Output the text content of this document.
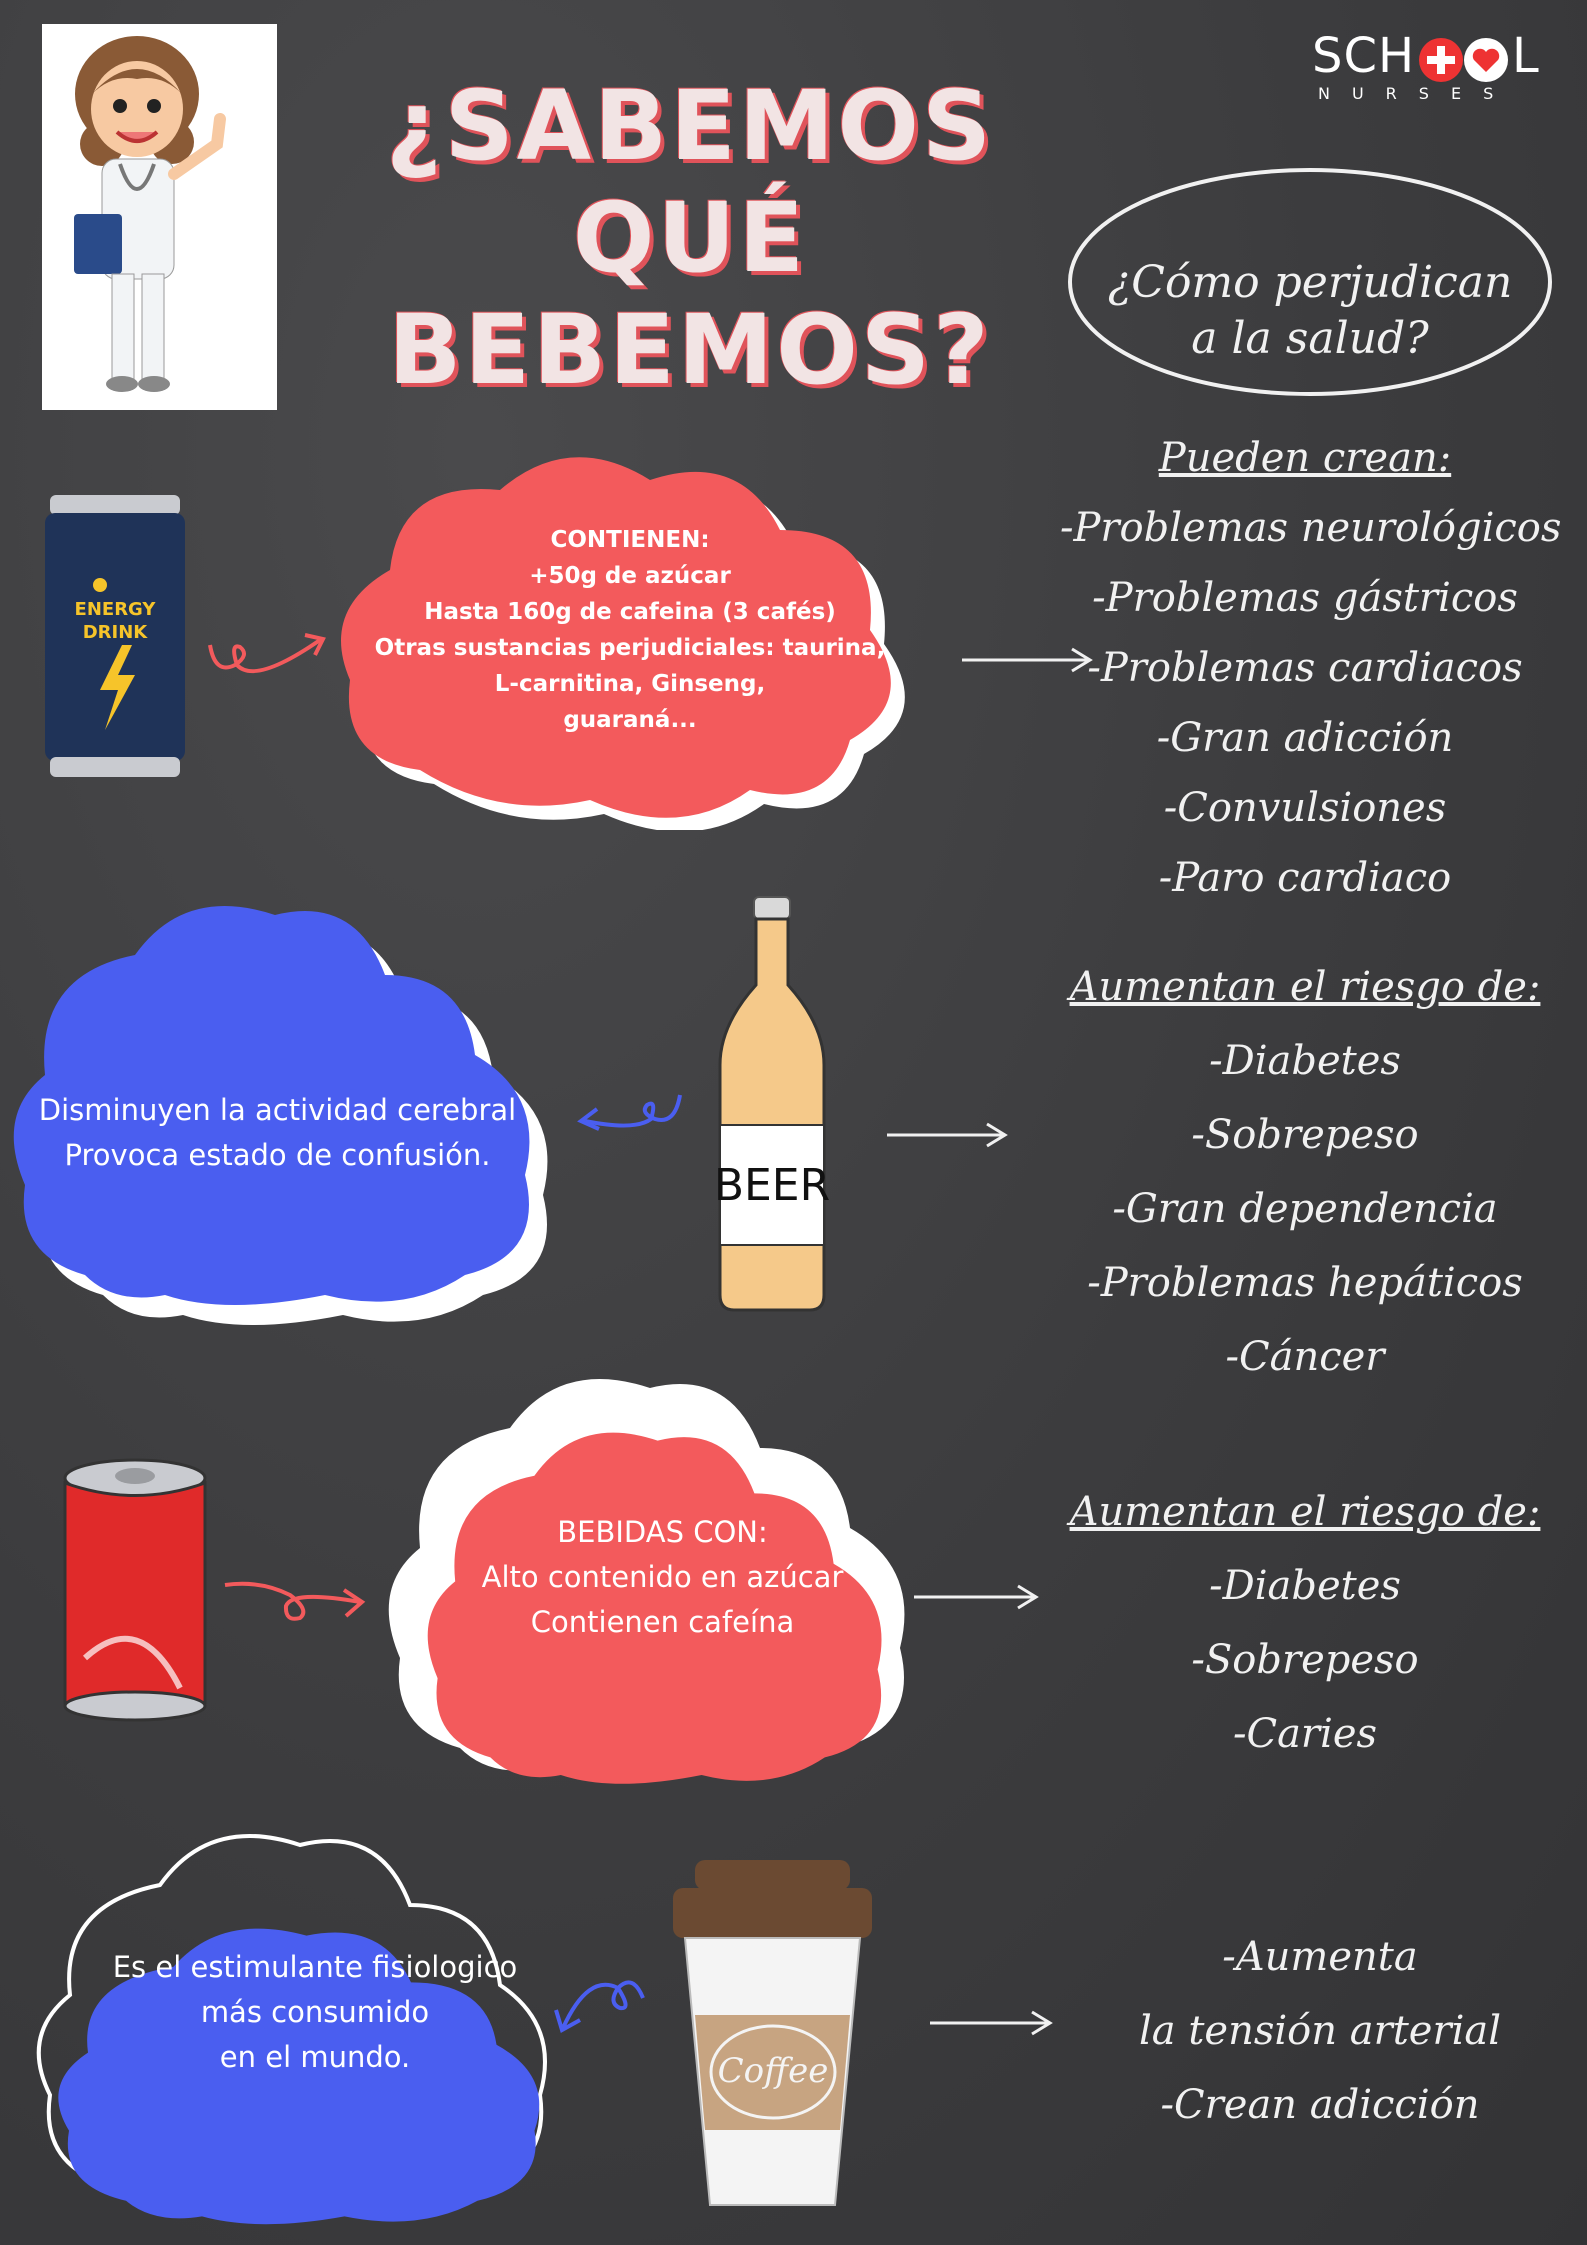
SCH L
NURSES
¿SABEMOS
QUÉ BEBEMOS?
¿Cómo perjudican a la salud?
ENERGY
DRINK
CONTIENEN:
+50g de azúcar
Hasta 160g de cafeina (3 cafés)
Otras sustancias perjudiciales: taurina,
L-carnitina, Ginseng,
guaraná...
Pueden crean:
-Problemas neurológicos
-Problemas gástricos
-Problemas cardiacos
-Gran adicción
-Convulsiones
-Paro cardiaco
Disminuyen la actividad cerebral
Provoca estado de confusión.
BEER
Aumentan el riesgo de:
-Diabetes
-Sobrepeso
-Gran dependencia
-Problemas hepáticos
-Cáncer
BEBIDAS CON:
Alto contenido en azúcar
Contienen cafeína
Aumentan el riesgo de:
-Diabetes
-Sobrepeso
-Caries
Es el estimulante fisiologico
más consumido
en el mundo.	Coffee
-Aumenta
la tensión arterial
-Crean adicción
